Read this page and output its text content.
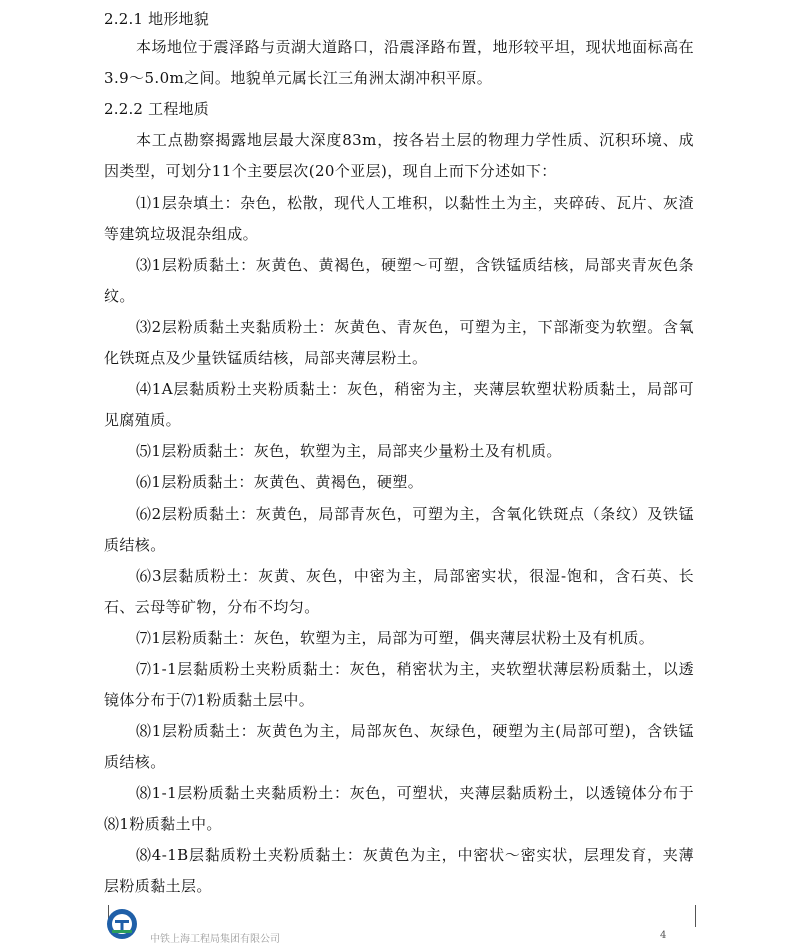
2.2.1 地形地貌
本场地位于震泽路与贡湖大道路口，沿震泽路布置，地形较平坦，现状地面标高在3.9～5.0m之间。地貌单元属长江三角洲太湖冲积平原。
2.2.2 工程地质
本工点勘察揭露地层最大深度83m，按各岩土层的物理力学性质、沉积环境、成因类型，可划分11个主要层次(20个亚层)，现自上而下分述如下：
⑴1层杂填土：杂色，松散，现代人工堆积，以黏性土为主，夹碎砖、瓦片、灰渣等建筑垃圾混杂组成。
⑶1层粉质黏土：灰黄色、黄褐色，硬塑～可塑，含铁锰质结核，局部夹青灰色条纹。
⑶2层粉质黏土夹黏质粉土：灰黄色、青灰色，可塑为主，下部渐变为软塑。含氧化铁斑点及少量铁锰质结核，局部夹薄层粉土。
⑷1A层黏质粉土夹粉质黏土：灰色，稍密为主，夹薄层软塑状粉质黏土，局部可见腐殖质。
⑸1层粉质黏土：灰色，软塑为主，局部夹少量粉土及有机质。
⑹1层粉质黏土：灰黄色、黄褐色，硬塑。
⑹2层粉质黏土：灰黄色，局部青灰色，可塑为主，含氧化铁斑点（条纹）及铁锰质结核。
⑹3层黏质粉土：灰黄、灰色，中密为主，局部密实状，很湿-饱和，含石英、长石、云母等矿物，分布不均匀。
⑺1层粉质黏土：灰色，软塑为主，局部为可塑，偶夹薄层状粉土及有机质。
⑺1-1层黏质粉土夹粉质黏土：灰色，稍密状为主，夹软塑状薄层粉质黏土，以透镜体分布于⑺1粉质黏土层中。
⑻1层粉质黏土：灰黄色为主，局部灰色、灰绿色，硬塑为主(局部可塑)，含铁锰质结核。
⑻1-1层粉质黏土夹黏质粉土：灰色，可塑状，夹薄层黏质粉土，以透镜体分布于⑻1粉质黏土中。
⑻4-1B层黏质粉土夹粉质黏土：灰黄色为主，中密状～密实状，层理发育，夹薄层粉质黏土层。
中铁上海工程局集团有限公司	4
